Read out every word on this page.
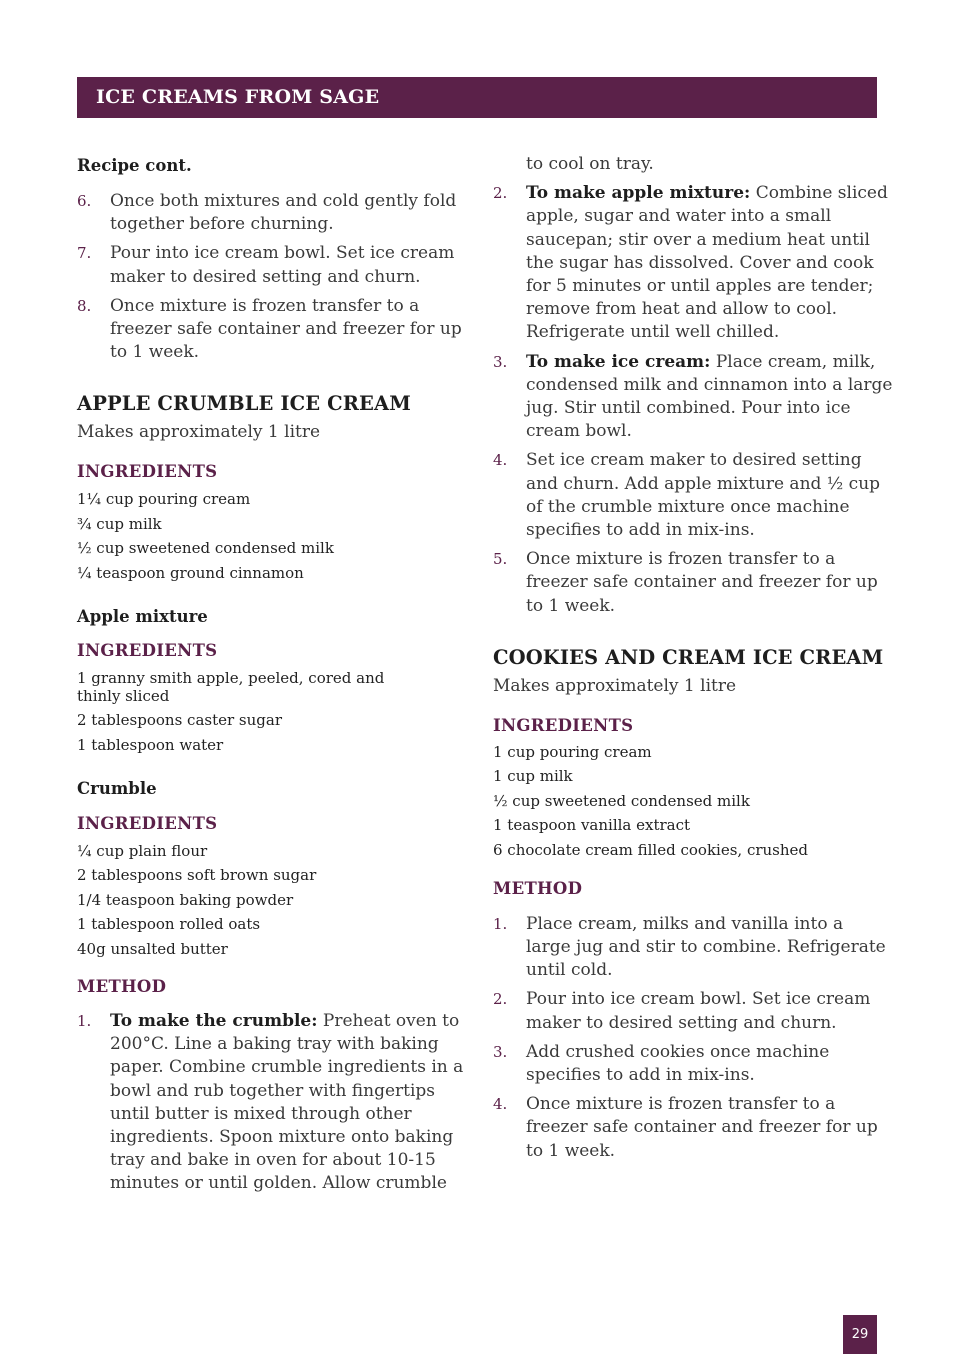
ICE CREAMS FROM SAGE

Recipe cont.

6. Once both mixtures and cold gently fold together before churning.
7. Pour into ice cream bowl. Set ice cream maker to desired setting and churn.
8. Once mixture is frozen transfer to a freezer safe container and freezer for up to 1 week.
APPLE CRUMBLE ICE CREAM

Makes approximately 1 litre

INGREDIENTS
1¼ cup pouring cream
¾ cup milk
½ cup sweetened condensed milk
¼ teaspoon ground cinnamon

Apple mixture

INGREDIENTS
1 granny smith apple, peeled, cored and thinly sliced
2 tablespoons caster sugar
1 tablespoon water

Crumble

INGREDIENTS
¼ cup plain flour
2 tablespoons soft brown sugar
1/4 teaspoon baking powder
1 tablespoon rolled oats
40g unsalted butter
METHOD
1. To make the crumble: Preheat oven to 200°C. Line a baking tray with baking paper. Combine crumble ingredients in a bowl and rub together with fingertips until butter is mixed through other ingredients. Spoon mixture onto baking tray and bake in oven for about 10-15 minutes or until golden. Allow crumble
to cool on tray.
2. To make apple mixture: Combine sliced apple, sugar and water into a small saucepan; stir over a medium heat until the sugar has dissolved. Cover and cook for 5 minutes or until apples are tender; remove from heat and allow to cool. Refrigerate until well chilled.
3. To make ice cream: Place cream, milk, condensed milk and cinnamon into a large jug. Stir until combined. Pour into ice cream bowl.
4. Set ice cream maker to desired setting and churn. Add apple mixture and ½ cup of the crumble mixture once machine specifies to add in mix-ins.
5. Once mixture is frozen transfer to a freezer safe container and freezer for up to 1 week.
COOKIES AND CREAM ICE CREAM

Makes approximately 1 litre

INGREDIENTS
1 cup pouring cream
1 cup milk
½ cup sweetened condensed milk
1 teaspoon vanilla extract
6 chocolate cream filled cookies, crushed
METHOD
1. Place cream, milks and vanilla into a large jug and stir to combine. Refrigerate until cold.
2. Pour into ice cream bowl. Set ice cream maker to desired setting and churn.
3. Add crushed cookies once machine specifies to add in mix-ins.
4. Once mixture is frozen transfer to a freezer safe container and freezer for up to 1 week.
29
